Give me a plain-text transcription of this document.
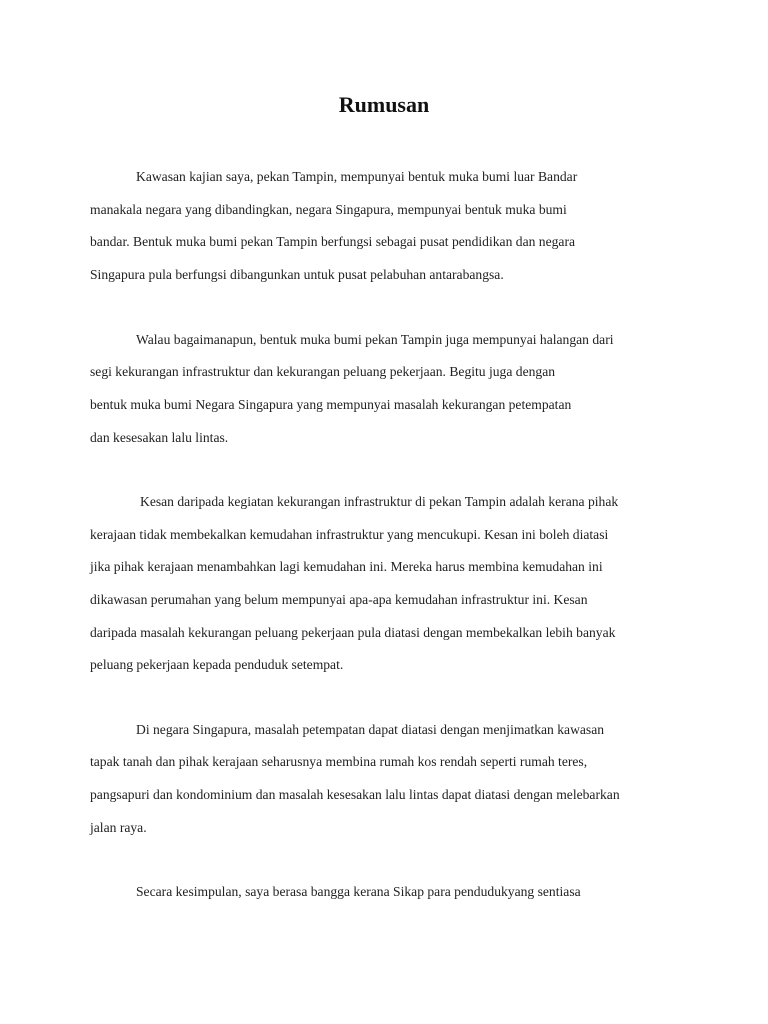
Rumusan
Kawasan kajian saya, pekan Tampin, mempunyai bentuk muka bumi luar Bandar
manakala negara yang dibandingkan, negara Singapura, mempunyai bentuk muka bumi
bandar. Bentuk muka bumi pekan Tampin berfungsi sebagai pusat pendidikan dan negara
Singapura pula berfungsi dibangunkan untuk pusat pelabuhan antarabangsa.
Walau bagaimanapun, bentuk muka bumi pekan Tampin juga mempunyai halangan dari
segi kekurangan infrastruktur dan kekurangan peluang pekerjaan. Begitu juga dengan
bentuk muka bumi Negara Singapura yang mempunyai masalah kekurangan petempatan
dan kesesakan lalu lintas.
Kesan daripada kegiatan kekurangan infrastruktur di pekan Tampin adalah kerana pihak
kerajaan tidak membekalkan kemudahan infrastruktur yang mencukupi. Kesan ini boleh diatasi
jika pihak kerajaan menambahkan lagi kemudahan ini. Mereka harus membina kemudahan ini
dikawasan perumahan yang belum mempunyai apa-apa kemudahan infrastruktur ini. Kesan
daripada masalah kekurangan peluang pekerjaan pula diatasi dengan membekalkan lebih banyak
peluang pekerjaan kepada penduduk setempat.
Di negara Singapura, masalah petempatan dapat diatasi dengan menjimatkan kawasan
tapak tanah dan pihak kerajaan seharusnya membina rumah kos rendah seperti rumah teres,
pangsapuri dan kondominium dan masalah kesesakan lalu lintas dapat diatasi dengan melebarkan
jalan raya.
Secara kesimpulan, saya berasa bangga kerana Sikap para pendudukyang sentiasa
